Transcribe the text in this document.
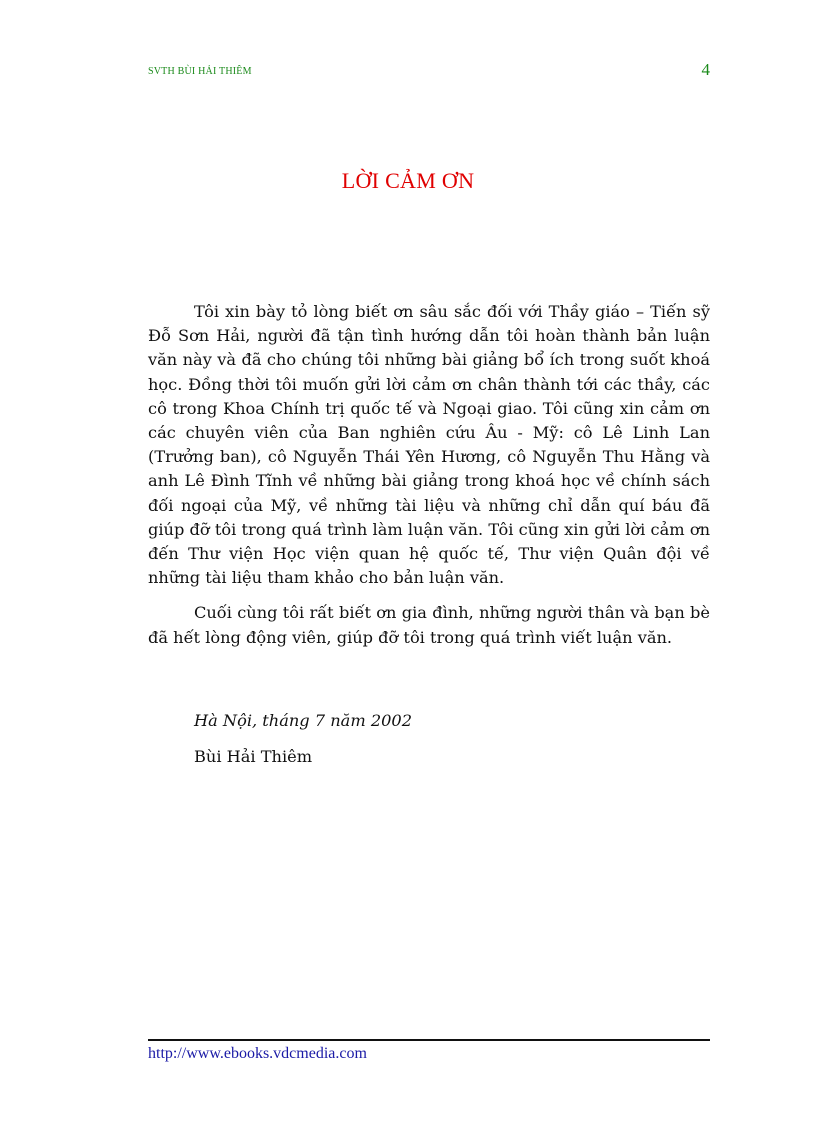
SVTH BÙI HẢI THIÊM	4
LỜI CẢM ƠN

Tôi xin bày tỏ lòng biết ơn sâu sắc đối với Thầy giáo – Tiến sỹ Đỗ Sơn Hải, người đã tận tình hướng dẫn tôi hoàn thành bản luận văn này và đã cho chúng tôi những bài giảng bổ ích trong suốt khoá học. Đồng thời tôi muốn gửi lời cảm ơn chân thành tới các thầy, các cô trong Khoa Chính trị quốc tế và Ngoại giao. Tôi cũng xin cảm ơn các chuyên viên của Ban nghiên cứu Âu - Mỹ: cô Lê Linh Lan (Trưởng ban), cô Nguyễn Thái Yên Hương, cô Nguyễn Thu Hằng và anh Lê Đình Tĩnh về những bài giảng trong khoá học về chính sách đối ngoại của Mỹ, về những tài liệu và những chỉ dẫn quí báu đã giúp đỡ tôi trong quá trình làm luận văn. Tôi cũng xin gửi lời cảm ơn đến Thư viện Học viện quan hệ quốc tế, Thư viện Quân đội về những tài liệu tham khảo cho bản luận văn.

Cuối cùng tôi rất biết ơn gia đình, những người thân và bạn bè đã hết lòng động viên, giúp đỡ tôi trong quá trình viết luận văn.

Hà Nội, tháng 7 năm 2002
Bùi Hải Thiêm
http://www.ebooks.vdcmedia.com
